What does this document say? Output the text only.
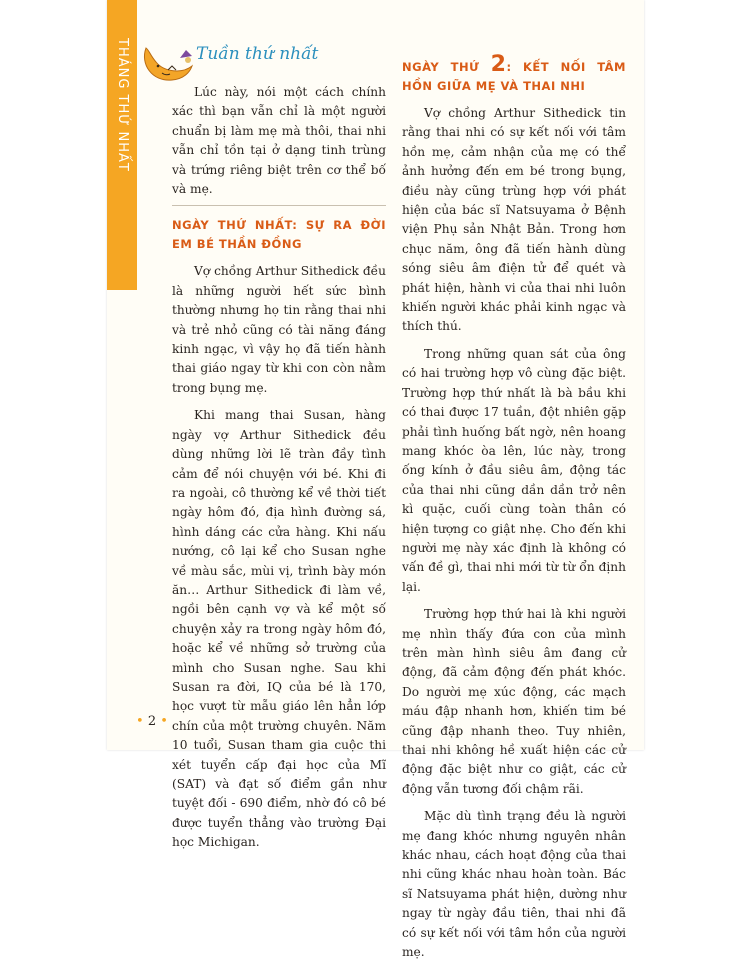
THÁNG THỨ NHẤT	Tuần thứ nhất

Lúc này, nói một cách chính xác thì bạn vẫn chỉ là một người chuẩn bị làm mẹ mà thôi, thai nhi vẫn chỉ tồn tại ở dạng tinh trùng và trứng riêng biệt trên cơ thể bố và mẹ.

NGÀY THỨ NHẤT: SỰ RA ĐỜI EM BÉ THẦN ĐỒNG

Vợ chồng Arthur Sithedick đều là những người hết sức bình thường nhưng họ tin rằng thai nhi và trẻ nhỏ cũng có tài năng đáng kinh ngạc, vì vậy họ đã tiến hành thai giáo ngay từ khi con còn nằm trong bụng mẹ.

Khi mang thai Susan, hàng ngày vợ Arthur Sithedick đều dùng những lời lẽ tràn đầy tình cảm để nói chuyện với bé. Khi đi ra ngoài, cô thường kể về thời tiết ngày hôm đó, địa hình đường sá, hình dáng các cửa hàng. Khi nấu nướng, cô lại kể cho Susan nghe về màu sắc, mùi vị, trình bày món ăn… Arthur Sithedick đi làm về, ngồi bên cạnh vợ và kể một số chuyện xảy ra trong ngày hôm đó, hoặc kể về những sở trường của mình cho Susan nghe. Sau khi Susan ra đời, IQ của bé là 170, học vượt từ mẫu giáo lên hẳn lớp chín của một trường chuyên. Năm 10 tuổi, Susan tham gia cuộc thi xét tuyển cấp đại học của Mĩ (SAT) và đạt số điểm gần như tuyệt đối - 690 điểm, nhờ đó cô bé được tuyển thẳng vào trường Đại học Michigan.

NGÀY THỨ 2: KẾT NỐI TÂM HỒN GIỮA MẸ VÀ THAI NHI

Vợ chồng Arthur Sithedick tin rằng thai nhi có sự kết nối với tâm hồn mẹ, cảm nhận của mẹ có thể ảnh hưởng đến em bé trong bụng, điều này cũng trùng hợp với phát hiện của bác sĩ Natsuyama ở Bệnh viện Phụ sản Nhật Bản. Trong hơn chục năm, ông đã tiến hành dùng sóng siêu âm điện tử để quét và phát hiện, hành vi của thai nhi luôn khiến người khác phải kinh ngạc và thích thú.

Trong những quan sát của ông có hai trường hợp vô cùng đặc biệt. Trường hợp thứ nhất là bà bầu khi có thai được 17 tuần, đột nhiên gặp phải tình huống bất ngờ, nên hoang mang khóc òa lên, lúc này, trong ống kính ở đầu siêu âm, động tác của thai nhi cũng dần dần trở nên kì quặc, cuối cùng toàn thân có hiện tượng co giật nhẹ. Cho đến khi người mẹ này xác định là không có vấn đề gì, thai nhi mới từ từ ổn định lại.

Trường hợp thứ hai là khi người mẹ nhìn thấy đứa con của mình trên màn hình siêu âm đang cử động, đã cảm động đến phát khóc. Do người mẹ xúc động, các mạch máu đập nhanh hơn, khiến tim bé cũng đập nhanh theo. Tuy nhiên, thai nhi không hề xuất hiện các cử động đặc biệt như co giật, các cử động vẫn tương đối chậm rãi.

Mặc dù tình trạng đều là người mẹ đang khóc nhưng nguyên nhân khác nhau, cách hoạt động của thai nhi cũng khác nhau hoàn toàn. Bác sĩ Natsuyama phát hiện, dường như ngay từ ngày đầu tiên, thai nhi đã có sự kết nối với tâm hồn của người mẹ.

• 2 •
